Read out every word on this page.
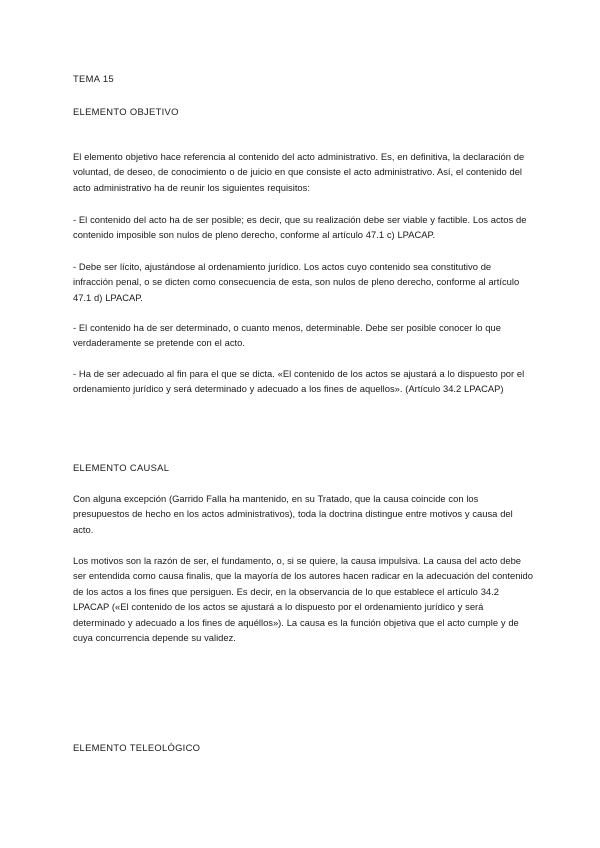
TEMA 15

ELEMENTO OBJETIVO

El elemento objetivo hace referencia al contenido del acto administrativo. Es, en definitiva, la declaración de voluntad, de deseo, de conocimiento o de juicio en que consiste el acto administrativo. Así, el contenido del acto administrativo ha de reunir los siguientes requisitos:

- El contenido del acto ha de ser posible; es decir, que su realización debe ser viable y factible. Los actos de contenido imposible son nulos de pleno derecho, conforme al artículo 47.1 c) LPACAP.

- Debe ser lícito, ajustándose al ordenamiento jurídico. Los actos cuyo contenido sea constitutivo de infracción penal, o se dicten como consecuencia de esta, son nulos de pleno derecho, conforme al artículo 47.1 d) LPACAP.

- El contenido ha de ser determinado, o cuanto menos, determinable. Debe ser posible conocer lo que verdaderamente se pretende con el acto.

- Ha de ser adecuado al fin para el que se dicta. «El contenido de los actos se ajustará a lo dispuesto por el ordenamiento jurídico y será determinado y adecuado a los fines de aquellos». (Artículo 34.2 LPACAP)

ELEMENTO CAUSAL

Con alguna excepción (Garrido Falla ha mantenido, en su Tratado, que la causa coincide con los presupuestos de hecho en los actos administrativos), toda la doctrina distingue entre motivos y causa del acto.

Los motivos son la razón de ser, el fundamento, o, si se quiere, la causa impulsiva. La causa del acto debe ser entendida como causa finalis, que la mayoría de los autores hacen radicar en la adecuación del contenido de los actos a los fines que persiguen. Es decir, en la observancia de lo que establece el artículo 34.2 LPACAP («El contenido de los actos se ajustará a lo dispuesto por el ordenamiento jurídico y será determinado y adecuado a los fines de aquéllos»). La causa es la función objetiva que el acto cumple y de cuya concurrencia depende su validez.

ELEMENTO TELEOLÓGICO
